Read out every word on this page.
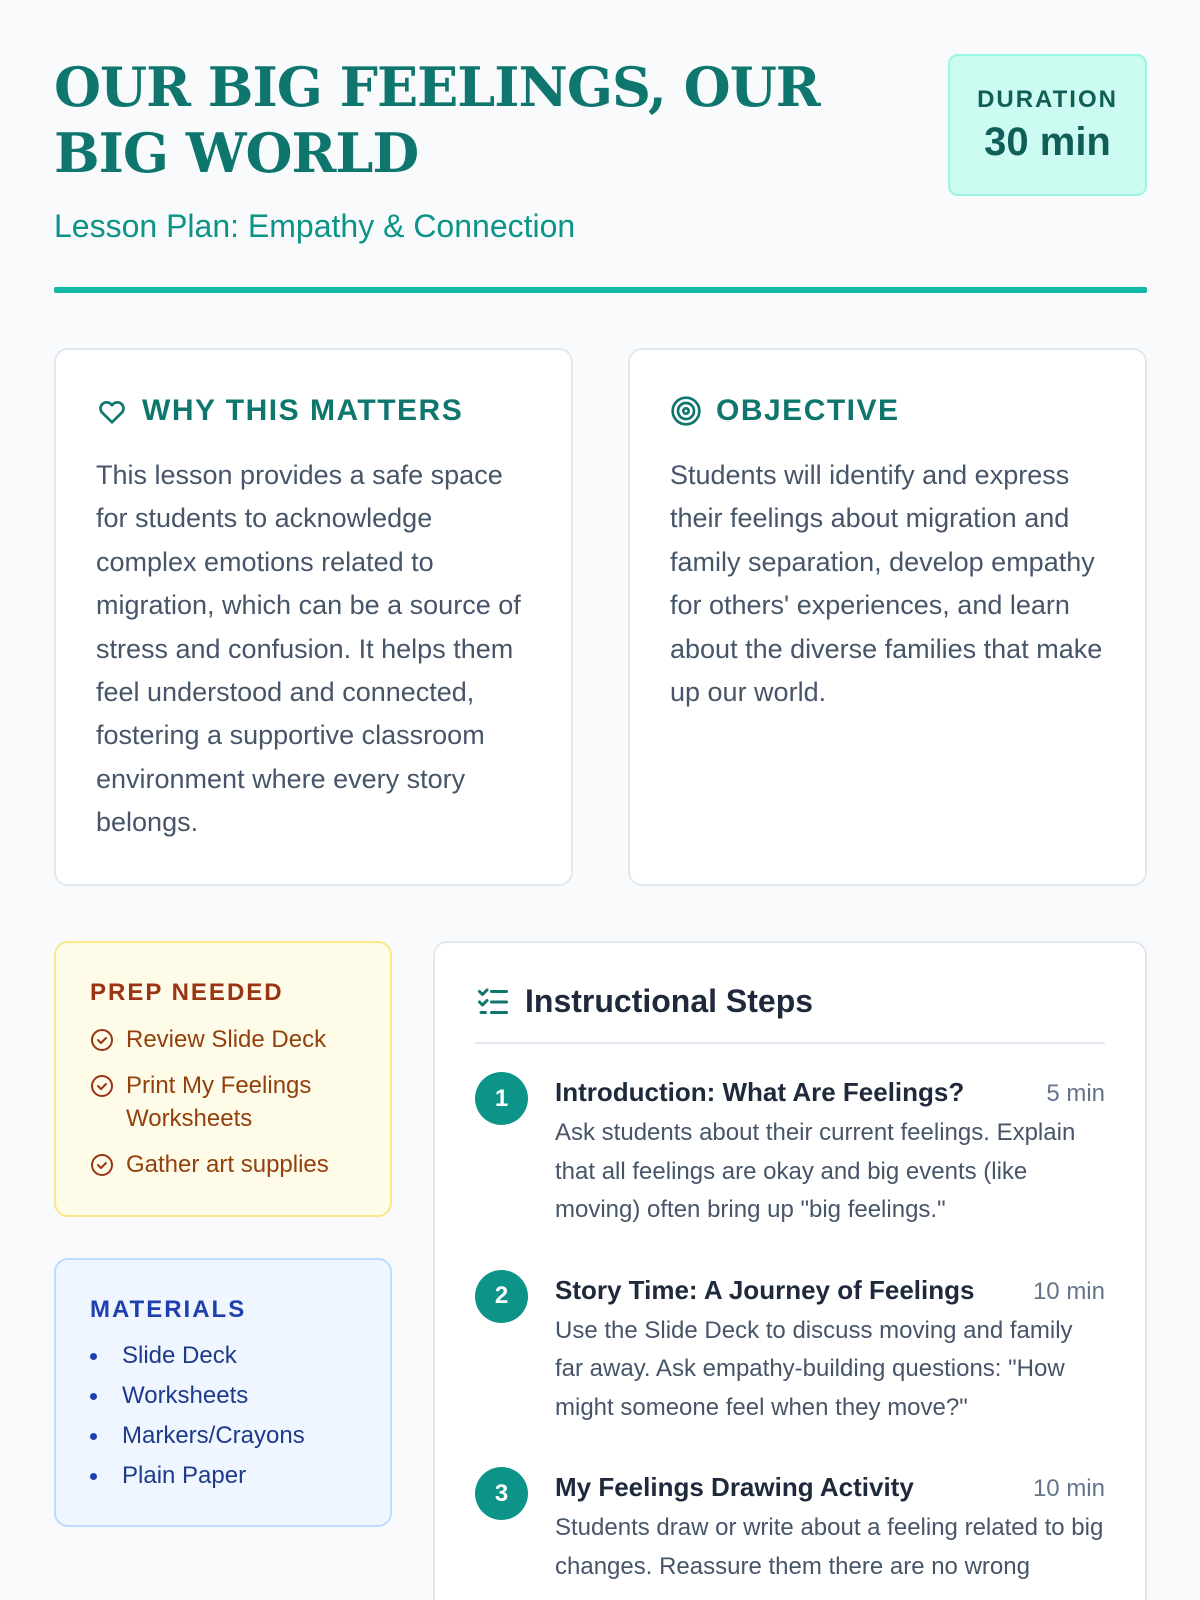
OUR BIG FEELINGS, OUR BIG WORLD
Lesson Plan: Empathy & Connection
DURATION
30 min
WHY THIS MATTERS

This lesson provides a safe space for students to acknowledge complex emotions related to migration, which can be a source of stress and confusion. It helps them feel understood and connected, fostering a supportive classroom environment where every story belongs.

OBJECTIVE

Students will identify and express their feelings about migration and family separation, develop empathy for others' experiences, and learn about the diverse families that make up our world.

PREP NEEDED
Review Slide Deck
Print My Feelings Worksheets
Gather art supplies
MATERIALS
Slide Deck
Worksheets
Markers/Crayons
Plain Paper
Instructional Steps
1	Introduction: What Are Feelings?	5 min

Ask students about their current feelings. Explain that all feelings are okay and big events (like moving) often bring up "big feelings."

2	Story Time: A Journey of Feelings 10 min

Use the Slide Deck to discuss moving and family far away. Ask empathy-building questions: "How might someone feel when they move?"

3	My Feelings Drawing Activity	10 min

Students draw or write about a feeling related to big changes. Reassure them there are no wrong
